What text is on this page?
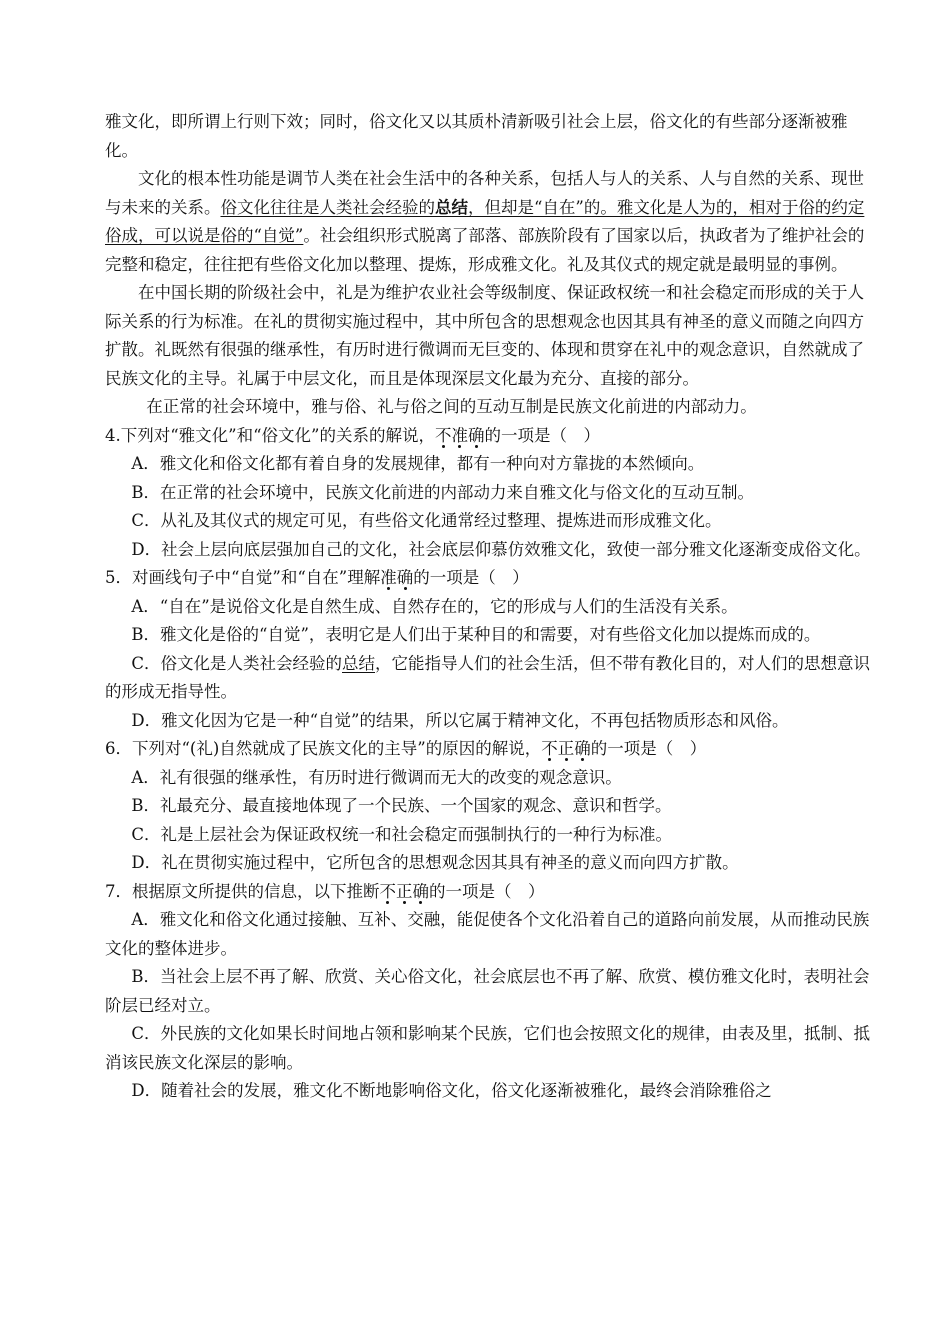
雅文化，即所谓上行则下效；同时，俗文化又以其质朴清新吸引社会上层，俗文化的有些部分逐渐被雅化。

文化的根本性功能是调节人类在社会生活中的各种关系，包括人与人的关系、人与自然的关系、现世与未来的关系。俗文化往往是人类社会经验的总结，但却是“自在”的。雅文化是人为的，相对于俗的约定俗成，可以说是俗的“自觉”。社会组织形式脱离了部落、部族阶段有了国家以后，执政者为了维护社会的完整和稳定，往往把有些俗文化加以整理、提炼，形成雅文化。礼及其仪式的规定就是最明显的事例。

在中国长期的阶级社会中，礼是为维护农业社会等级制度、保证政权统一和社会稳定而形成的关于人际关系的行为标准。在礼的贯彻实施过程中，其中所包含的思想观念也因其具有神圣的意义而随之向四方扩散。礼既然有很强的继承性，有历时进行微调而无巨变的、体现和贯穿在礼中的观念意识，自然就成了民族文化的主导。礼属于中层文化，而且是体现深层文化最为充分、直接的部分。

在正常的社会环境中，雅与俗、礼与俗之间的互动互制是民族文化前进的内部动力。

4.下列对“雅文化”和“俗文化”的关系的解说，不准确的一项是（　）

A．雅文化和俗文化都有着自身的发展规律，都有一种向对方靠拢的本然倾向。

B．在正常的社会环境中，民族文化前进的内部动力来自雅文化与俗文化的互动互制。

C．从礼及其仪式的规定可见，有些俗文化通常经过整理、提炼进而形成雅文化。

D．社会上层向底层强加自己的文化，社会底层仰慕仿效雅文化，致使一部分雅文化逐渐变成俗文化。

5．对画线句子中“自觉”和“自在”理解准确的一项是（　）

A．“自在”是说俗文化是自然生成、自然存在的，它的形成与人们的生活没有关系。

B．雅文化是俗的“自觉”，表明它是人们出于某种目的和需要，对有些俗文化加以提炼而成的。

C．俗文化是人类社会经验的总结，它能指导人们的社会生活，但不带有教化目的，对人们的思想意识的形成无指导性。

D．雅文化因为它是一种“自觉”的结果，所以它属于精神文化，不再包括物质形态和风俗。

6．下列对“(礼)自然就成了民族文化的主导”的原因的解说，不正确的一项是（　）

A．礼有很强的继承性，有历时进行微调而无大的改变的观念意识。

B．礼最充分、最直接地体现了一个民族、一个国家的观念、意识和哲学。

C．礼是上层社会为保证政权统一和社会稳定而强制执行的一种行为标准。

D．礼在贯彻实施过程中，它所包含的思想观念因其具有神圣的意义而向四方扩散。

7．根据原文所提供的信息，以下推断不正确的一项是（　）

A．雅文化和俗文化通过接触、互补、交融，能促使各个文化沿着自己的道路向前发展，从而推动民族文化的整体进步。

B．当社会上层不再了解、欣赏、关心俗文化，社会底层也不再了解、欣赏、模仿雅文化时，表明社会阶层已经对立。

C．外民族的文化如果长时间地占领和影响某个民族，它们也会按照文化的规律，由表及里，抵制、抵消该民族文化深层的影响。

D．随着社会的发展，雅文化不断地影响俗文化，俗文化逐渐被雅化，最终会消除雅俗之
